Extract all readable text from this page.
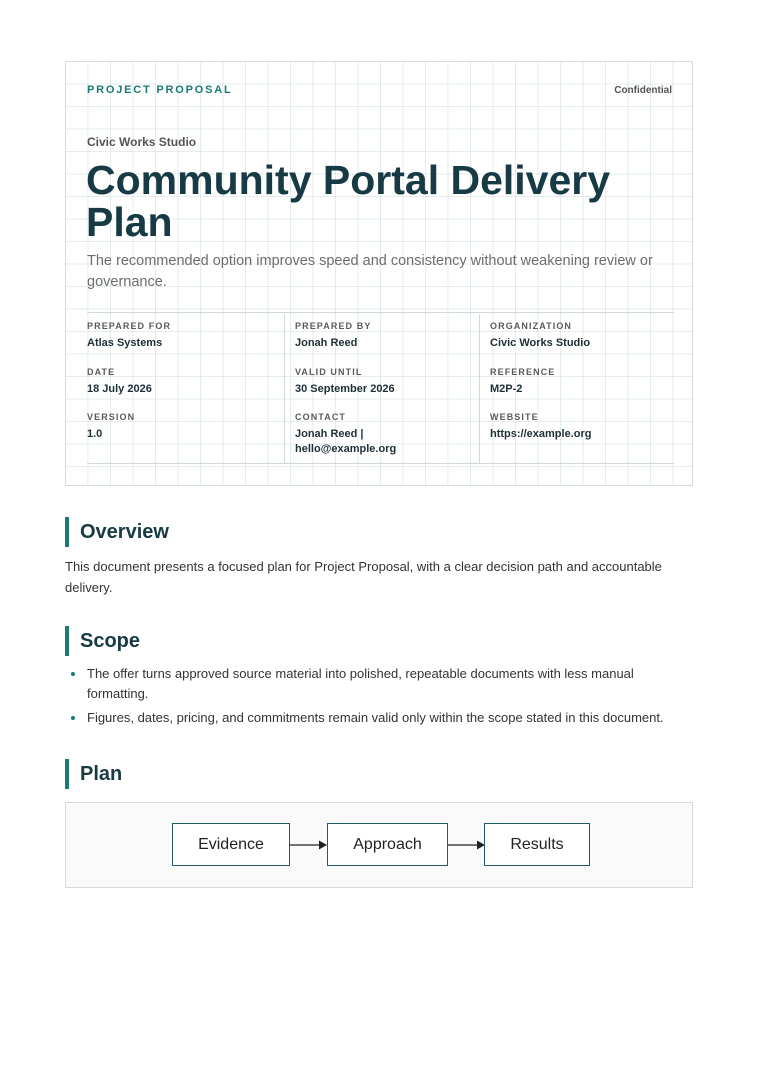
PROJECT PROPOSAL	Confidential
Civic Works Studio
Community Portal Delivery Plan
The recommended option improves speed and consistency without weakening review or governance.
PREPARED FOR
Atlas Systems
PREPARED BY
Jonah Reed
ORGANIZATION
Civic Works Studio
DATE
18 July 2026
VALID UNTIL
30 September 2026
REFERENCE
M2P-2
VERSION
1.0
CONTACT
Jonah Reed | hello@example.org
WEBSITE
https://example.org
Overview
This document presents a focused plan for Project Proposal, with a clear decision path and accountable delivery.
Scope
The offer turns approved source material into polished, repeatable documents with less manual formatting.
Figures, dates, pricing, and commitments remain valid only within the scope stated in this document.
Plan
Evidence	Approach	Results
